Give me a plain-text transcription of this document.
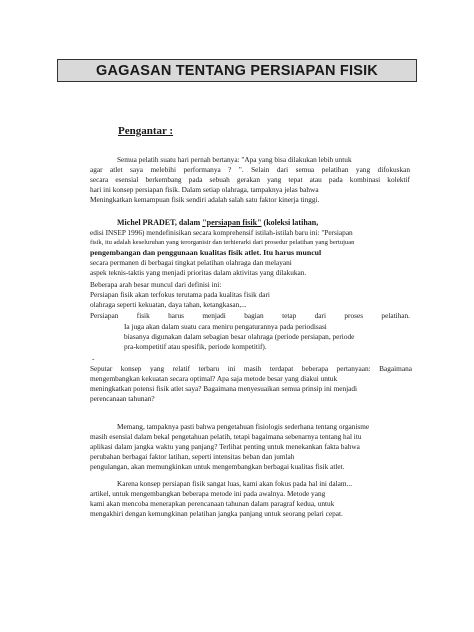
GAGASAN TENTANG PERSIAPAN FISIK
Pengantar :
Semua pelatih suatu hari pernah bertanya: "Apa yang bisa dilakukan lebih untuk
agar atlet saya melebihi performanya ? ". Selain dari semua pelatihan yang difokuskan
secara esensial berkembang pada sebuah gerakan yang tepat atau pada kombinasi kolektif
hari ini konsep persiapan fisik. Dalam setiap olahraga, tampaknya jelas bahwa
Meningkatkan kemampuan fisik sendiri adalah salah satu faktor kinerja tinggi.
Michel PRADET, dalam "persiapan fisik" (koleksi latihan,
edisi INSEP 1996) mendefinisikan secara komprehensif istilah-istilah baru ini: "Persiapan
fisik, itu adalah keseluruhan yang terorganisir dan terhierarki dari prosedur pelatihan yang bertujuan
pengembangan dan penggunaan kualitas fisik atlet. Itu harus muncul
secara permanen di berbagai tingkat pelatihan olahraga dan melayani
aspek teknis-taktis yang menjadi prioritas dalam aktivitas yang dilakukan.
Beberapa arah besar muncul dari definisi ini:
Persiapan fisik akan terfokus terutama pada kualitas fisik dari
olahraga seperti kekuatan, daya tahan, ketangkasan,...
Persiapan fisik harus menjadi bagian tetap dari proses pelatihan.
Ia juga akan dalam suatu cara meniru pengaturannya pada periodisasi
biasanya digunakan dalam sebagian besar olahraga (periode persiapan, periode
pra-kompetitif atau spesifik, periode kompetitif).
-
Seputar konsep yang relatif terbaru ini masih terdapat beberapa pertanyaan: Bagaimana
mengembangkan kekuatan secara optimal? Apa saja metode besar yang diakui untuk
meningkatkan potensi fisik atlet saya? Bagaimana menyesuaikan semua prinsip ini menjadi
perencanaan tahunan?
Memang, tampaknya pasti bahwa pengetahuan fisiologis sederhana tentang organisme
masih esensial dalam bekal pengetahuan pelatih, tetapi bagaimana sebenarnya tentang hal itu
aplikasi dalam jangka waktu yang panjang? Terlihat penting untuk menekankan fakta bahwa
perubahan berbagai faktor latihan, seperti intensitas beban dan jumlah
pengulangan, akan memungkinkan untuk mengembangkan berbagai kualitas fisik atlet.
Karena konsep persiapan fisik sangat luas, kami akan fokus pada hal ini dalam...
artikel, untuk mengembangkan beberapa metode ini pada awalnya. Metode yang
kami akan mencoba menerapkan perencanaan tahunan dalam paragraf kedua, untuk
mengakhiri dengan kemungkinan pelatihan jangka panjang untuk seorang pelari cepat.
